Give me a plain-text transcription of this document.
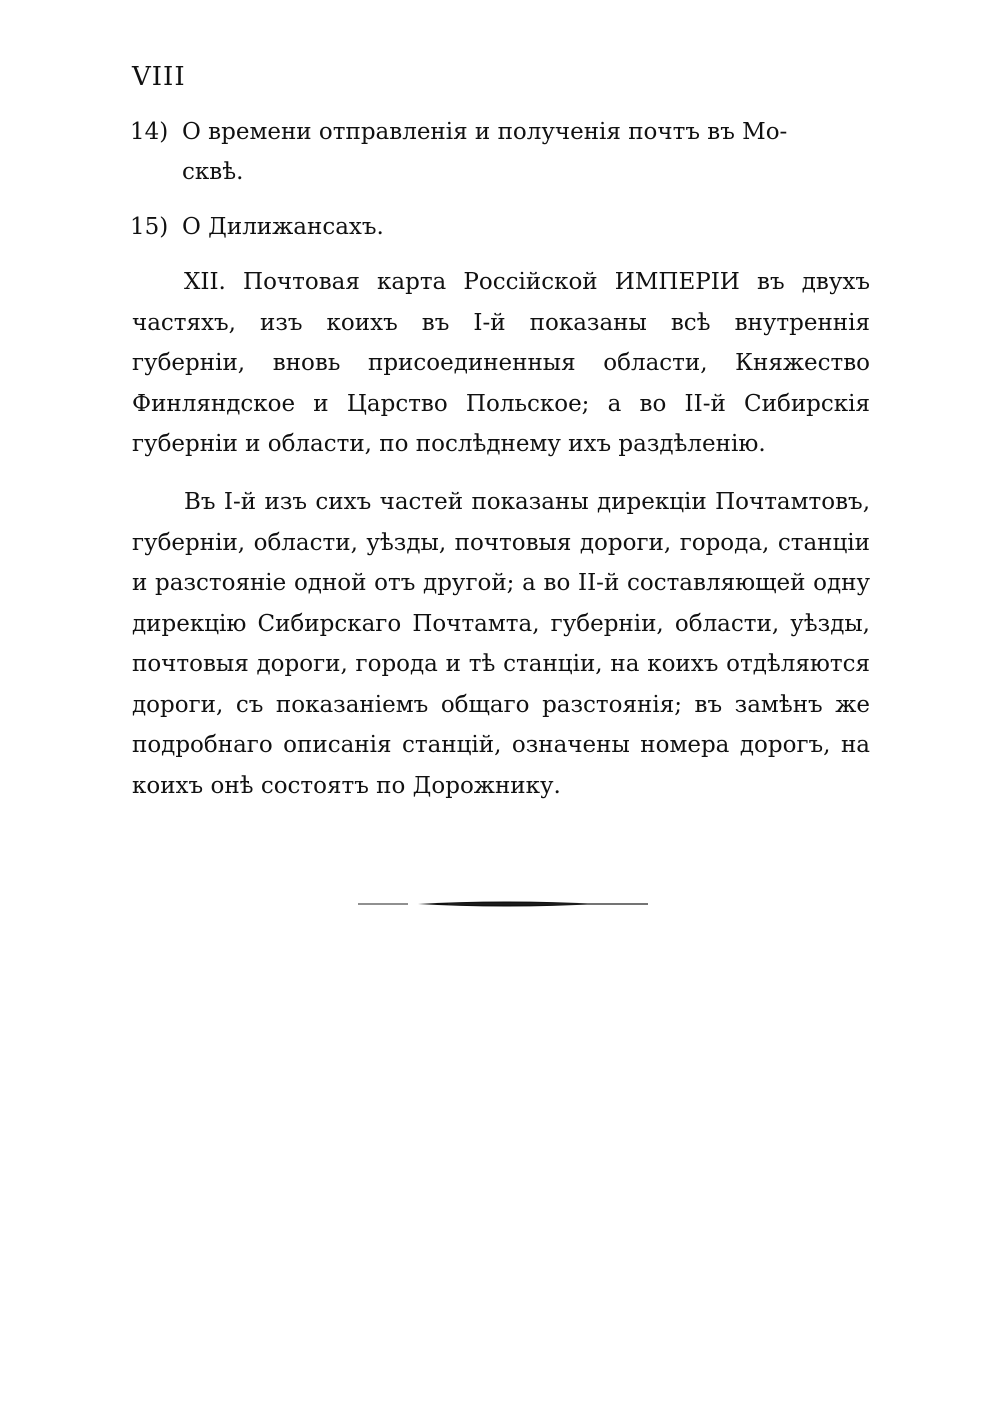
VIII
14) О времени отправленія и полученія почтъ въ Мо-
сквѣ.
15) О Дилижансахъ.

XII. Почтовая карта Россійской ИМПЕРІИ въ двухъ частяхъ, изъ коихъ въ I-й показаны всѣ внутреннія губерніи, вновь присоединенныя области, Княжество Финляндское и Царство Польское; а во II-й Сибирскія губерніи и области, по послѣднему ихъ раздѣленію.

Въ I-й изъ сихъ частей показаны дирекціи Почтамтовъ, губерніи, области, уѣзды, почтовыя дороги, города, станціи и разстояніе одной отъ другой; а во II-й составляющей одну дирекцію Сибирскаго Почтамта, губерніи, области, уѣзды, почтовыя дороги, города и тѣ станціи, на коихъ отдѣляются дороги, съ показаніемъ общаго разстоянія; въ замѣнъ же подробнаго описанія станцій, означены номера дорогъ, на коихъ онѣ состоятъ по Дорожнику.
